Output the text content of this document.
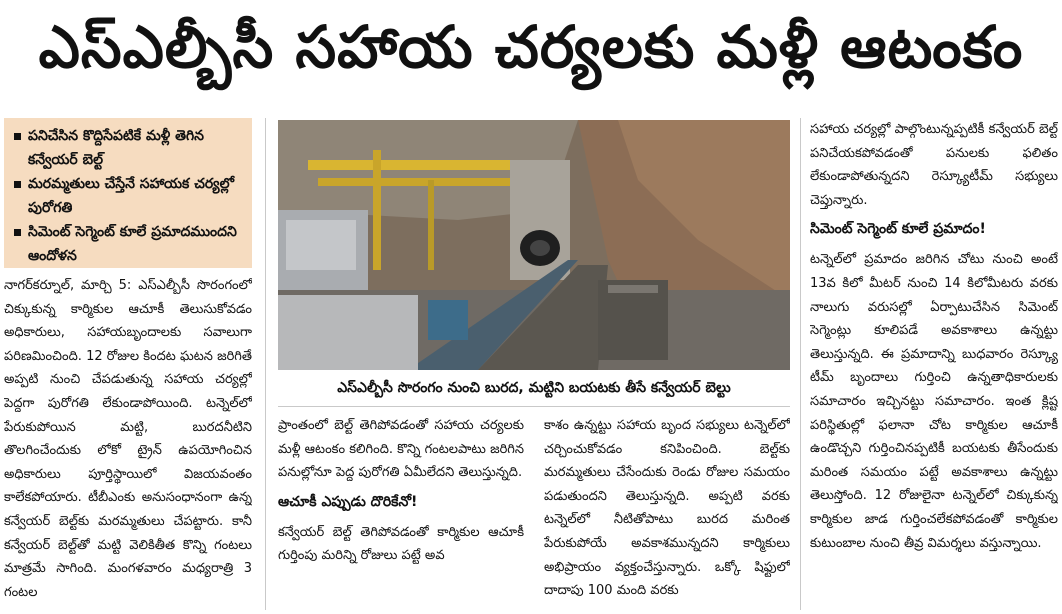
ఎస్ఎల్బీసీ సహాయ చర్యలకు మళ్లీ ఆటంకం
పనిచేసిన కొద్దిసేపటికే మళ్లీ తెగిన కన్వేయర్ బెల్ట్
మరమ్మతులు చేస్తేనే సహాయక చర్యల్లో పురోగతి
సిమెంట్ సెగ్మెంట్ కూలే ప్రమాదముందని ఆందోళన

నాగర్‌కర్నూల్, మార్చి 5: ఎస్ఎల్బీసీ సొరంగంలో చిక్కుకున్న కార్మికుల ఆచూకీ తెలుసుకోవడం అధికారులు, సహాయబృందాలకు సవాలుగా పరిణమించింది. 12 రోజుల కిందట ఘటన జరిగితే అప్పటి నుంచి చేపడుతున్న సహాయ చర్యల్లో పెద్దగా పురోగతి లేకుండాపోయింది. టన్నెల్‌లో పేరుకుపోయిన మట్టి, బురదనీటిని తొలగించేందుకు లోకో ట్రైన్ ఉపయోగించిన అధికారులు పూర్తిస్థాయిలో విజయవంతం కాలేకపోయారు. టీబీఎంకు అనుసంధానంగా ఉన్న కన్వేయర్ బెల్ట్‌కు మరమ్మతులు చేపట్టారు. కానీ కన్వేయర్ బెల్ట్‌తో మట్టి వెలికితీత కొన్ని గంటలు మాత్రమే సాగింది. మంగళవారం మధ్యరాత్రి 3 గంటల

ఎస్ఎల్బీసీ సొరంగం నుంచి బురద, మట్టిని బయటకు తీసే కన్వేయర్ బెల్టు

ప్రాంతంలో బెల్ట్ తెగిపోవడంతో సహాయ చర్యలకు మళ్లీ ఆటంకం కలిగింది. కొన్ని గంటలపాటు జరిగిన పనుల్లోనూ పెద్ద పురోగతి ఏమీలేదని తెలుస్తున్నది.

ఆచూకీ ఎప్పుడు దొరికేనో!

కన్వేయర్ బెల్ట్ తెగిపోవడంతో కార్మికుల ఆచూకీ గుర్తింపు మరిన్ని రోజులు పట్టే అవ

కాశం ఉన్నట్టు సహాయ బృంద సభ్యులు టన్నెల్‌లో చర్చించుకోవడం కనిపించింది. బెల్ట్‌కు మరమ్మతులు చేసేందుకు రెండు రోజుల సమయం పడుతుందని తెలుస్తున్నది. అప్పటి వరకు టన్నెల్‌లో నీటితోపాటు బురద మరింత పేరుకుపోయే అవకాశమున్నదని కార్మికులు అభిప్రాయం వ్యక్తంచేస్తున్నారు. ఒక్కో షిఫ్టులో దాదాపు 100 మంది వరకు

సహాయ చర్యల్లో పాల్గొంటున్నప్పటికీ కన్వేయర్ బెల్ట్ పనిచేయకపోవడంతో పనులకు ఫలితం లేకుండాపోతున్నదని రెస్క్యూటీమ్ సభ్యులు చెప్తున్నారు.

సిమెంట్ సెగ్మెంట్ కూలే ప్రమాదం!

టన్నెల్‌లో ప్రమాదం జరిగిన చోటు నుంచి అంటే 13వ కిలో మీటర్ నుంచి 14 కిలోమీటరు వరకు నాలుగు వరుసల్లో ఏర్పాటుచేసిన సిమెంట్ సెగ్మెంట్లు కూలిపడే అవకాశాలు ఉన్నట్టు తెలుస్తున్నది. ఈ ప్రమాదాన్ని బుధవారం రెస్క్యూ టీమ్ బృందాలు గుర్తించి ఉన్నతాధికారులకు సమాచారం ఇచ్చినట్టు సమాచారం. ఇంత క్లిష్ట పరిస్థితుల్లో ఫలానా చోట కార్మికుల ఆచూకీ ఉండొచ్చని గుర్తించినప్పటికీ బయటకు తీసేందుకు మరింత సమయం పట్టే అవకాశాలు ఉన్నట్టు తెలుస్తోంది. 12 రోజులైనా టన్నెల్‌లో చిక్కుకున్న కార్మికుల జాడ గుర్తించలేకపోవడంతో కార్మికుల కుటుంబాల నుంచి తీవ్ర విమర్శలు వస్తున్నాయి.
